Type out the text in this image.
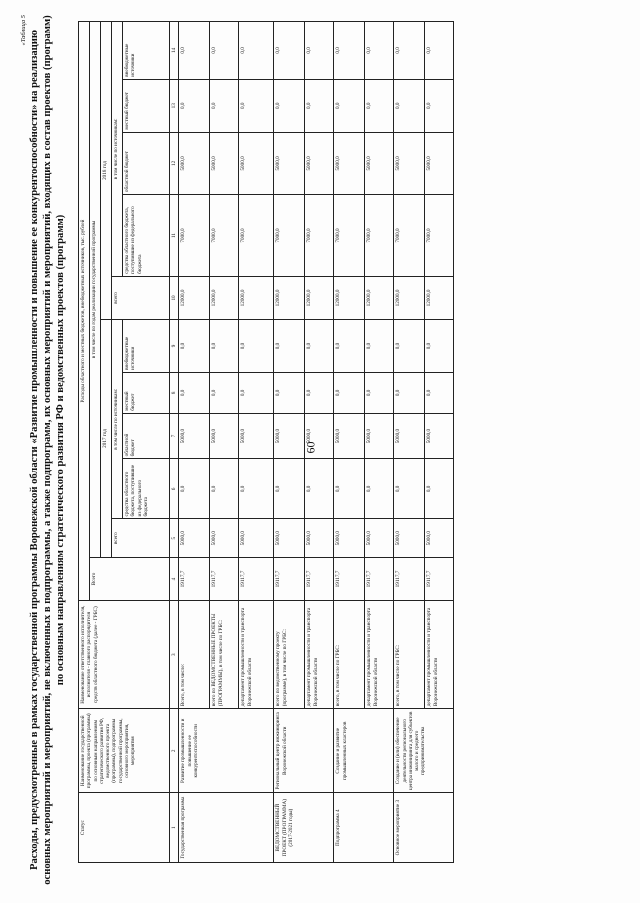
60
«Таблица 5 Расходы, предусмотренные в рамках государственной программы Воронежской области «Развитие промышленности и повышение ее конкурентоспособности» на реализацию основных мероприятий и мероприятий, не включенных в подпрограммы, а также подпрограмм, их основных мероприятий и мероприятий, входящих в состав проектов (программ) по основным направлениям стратегического развития РФ и ведомственных проектов (программ)
Статус	Наименование государственной программы, проекта (программы) по основным направлениям стратегического развития РФ, ведомственного проекта (программы), подпрограммы государственной программы, основного мероприятия, мероприятия	Наименование ответственного исполнителя, исполнителя - главного распорядителя средств областного бюджета (далее - ГРБС)	Расходы областного и местных бюджетов, внебюджетных источников, тыс. рублей										
			Всего	в том числе по годам реализации государственной программы									
				2017 год					2018 год				
				всего	в том числе по источникам:				всего	в том числе по источникам:			
					средства областного бюджета, поступившие из федерального бюджета	областной бюджет	местный бюджет	внебюджетные источники		средства областного бюджета, поступившие из федерального бюджета	областной бюджет	местный бюджет	внебюджетные источники
1	2	3	4	5	6	7	8	9	10	11	12	13	14
Государственная программа	Развитие промышленности и повышение ее конкурентоспособности	Всего, в том числе:	19117,7	5000,0	0,0	5000,0	0,0	0,0	12000,0	7000,0	5000,0	0,0	0,0
		всего по ВЕДОМСТВЕННЫЕ ПРОЕКТЫ (ПРОГРАММЫ), в том числе по ГРБС:	19117,7	5000,0	0,0	5000,0	0,0	0,0	12000,0	7000,0	5000,0	0,0	0,0
		департамент промышленности и транспорта Воронежской области	19117,7	5000,0	0,0	5000,0	0,0	0,0	12000,0	7000,0	5000,0	0,0	0,0
ВЕДОМСТВЕННЫЙ ПРОЕКТ (ПРОГРАММА) (2017-2021 годы)	Региональный центр инжиниринга Воронежской области	всего по ведомственному проекту (программе), в том числе по ГРБС:	19117,7	5000,0	0,0	5000,0	0,0	0,0	12000,0	7000,0	5000,0	0,0	0,0
		департамент промышленности и транспорта Воронежской области	19117,7	5000,0	0,0	5000,0	0,0	0,0	12000,0	7000,0	5000,0	0,0	0,0
Подпрограмма 4	Создание и развитие промышленных кластеров	всего, в том числе по ГРБС:	19117,7	5000,0	0,0	5000,0	0,0	0,0	12000,0	7000,0	5000,0	0,0	0,0
		департамент промышленности и транспорта Воронежской области	19117,7	5000,0	0,0	5000,0	0,0	0,0	12000,0	7000,0	5000,0	0,0	0,0
Основное мероприятие 3	Создание и (или) обеспечение деятельности регионального центра инжиниринга для субъектов малого и среднего предпринимательства	всего, в том числе по ГРБС:	19117,7	5000,0	0,0	5000,0	0,0	0,0	12000,0	7000,0	5000,0	0,0	0,0
		департамент промышленности и транспорта Воронежской области	19117,7	5000,0	0,0	5000,0	0,0	0,0	12000,0	7000,0	5000,0	0,0	0,0
